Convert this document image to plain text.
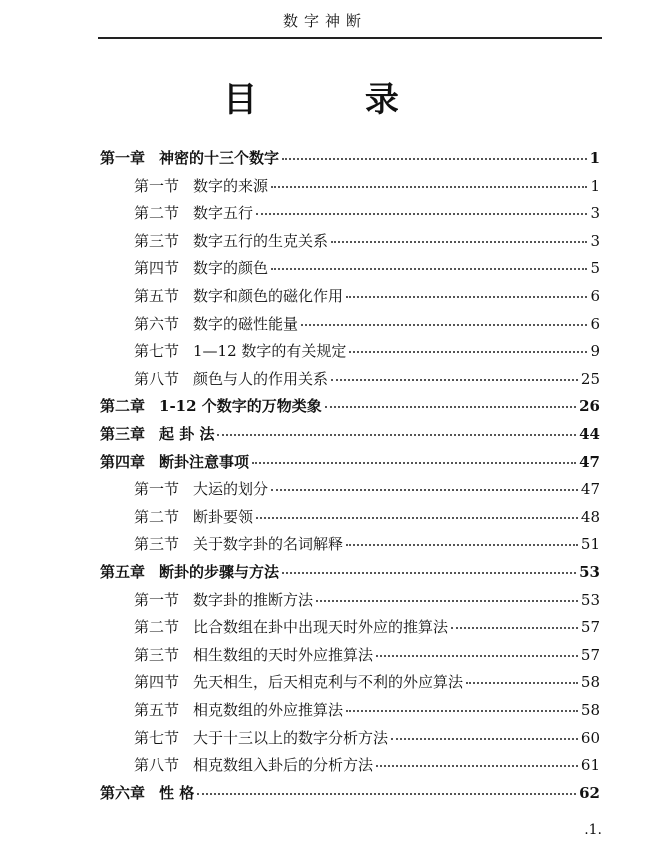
数字神断
目 录
第一章 神密的十三个数字	1
第一节 数字的来源	1
第二节 数字五行	3
第三节 数字五行的生克关系	3
第四节 数字的颜色	5
第五节 数字和颜色的磁化作用	6
第六节 数字的磁性能量	6
第七节 1—12 数字的有关规定	9
第八节 颜色与人的作用关系	25
第二章 1-12 个数字的万物类象	26
第三章 起 卦 法	44
第四章 断卦注意事项	47
第一节 大运的划分	47
第二节 断卦要领	48
第三节 关于数字卦的名词解释	51
第五章 断卦的步骤与方法	53
第一节 数字卦的推断方法	53
第二节 比合数组在卦中出现天时外应的推算法	57
第三节 相生数组的天时外应推算法	57
第四节 先天相生，后天相克利与不利的外应算法	58
第五节 相克数组的外应推算法	58
第七节 大于十三以上的数字分析方法	60
第八节 相克数组入卦后的分析方法	61
第六章 性 格	62
.1.
